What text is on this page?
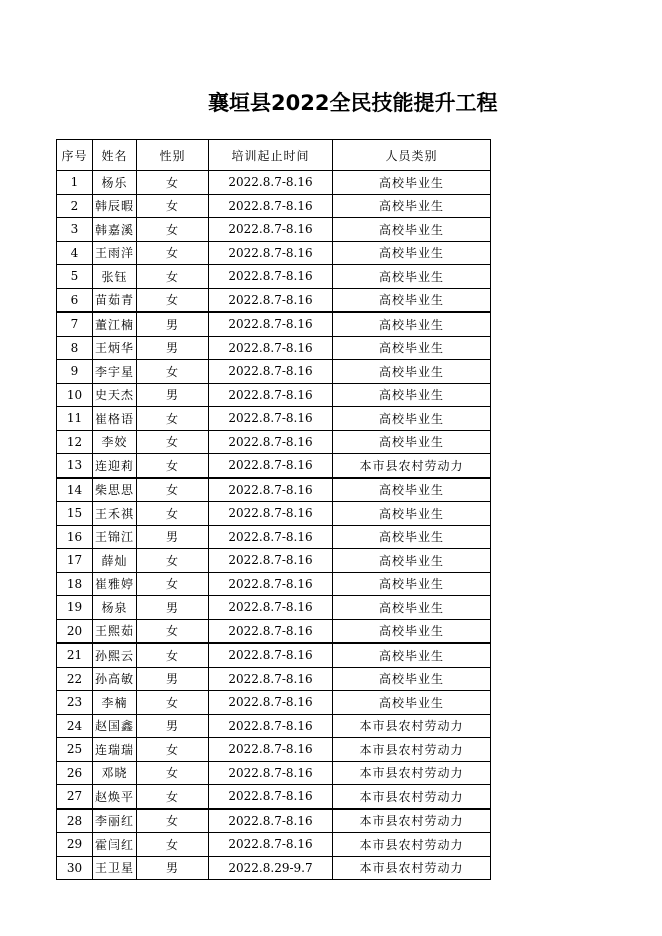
襄垣县2022全民技能提升工程
序号	姓名	性别	培训起止时间	人员类别
1	杨乐	女	2022.8.7-8.16	高校毕业生
2	韩辰暇	女	2022.8.7-8.16	高校毕业生
3	韩嘉溪	女	2022.8.7-8.16	高校毕业生
4	王雨洋	女	2022.8.7-8.16	高校毕业生
5	张钰	女	2022.8.7-8.16	高校毕业生
6	苗茹青	女	2022.8.7-8.16	高校毕业生
7	董江楠	男	2022.8.7-8.16	高校毕业生
8	王炳华	男	2022.8.7-8.16	高校毕业生
9	李宇星	女	2022.8.7-8.16	高校毕业生
10	史天杰	男	2022.8.7-8.16	高校毕业生
11	崔格语	女	2022.8.7-8.16	高校毕业生
12	李姣	女	2022.8.7-8.16	高校毕业生
13	连迎莉	女	2022.8.7-8.16	本市县农村劳动力
14	柴思思	女	2022.8.7-8.16	高校毕业生
15	王禾祺	女	2022.8.7-8.16	高校毕业生
16	王锦江	男	2022.8.7-8.16	高校毕业生
17	薛灿	女	2022.8.7-8.16	高校毕业生
18	崔雅婷	女	2022.8.7-8.16	高校毕业生
19	杨泉	男	2022.8.7-8.16	高校毕业生
20	王熙茹	女	2022.8.7-8.16	高校毕业生
21	孙熙云	女	2022.8.7-8.16	高校毕业生
22	孙高敏	男	2022.8.7-8.16	高校毕业生
23	李楠	女	2022.8.7-8.16	高校毕业生
24	赵国鑫	男	2022.8.7-8.16	本市县农村劳动力
25	连瑞瑞	女	2022.8.7-8.16	本市县农村劳动力
26	邓晓	女	2022.8.7-8.16	本市县农村劳动力
27	赵焕平	女	2022.8.7-8.16	本市县农村劳动力
28	李丽红	女	2022.8.7-8.16	本市县农村劳动力
29	霍闫红	女	2022.8.7-8.16	本市县农村劳动力
30	王卫星	男	2022.8.29-9.7	本市县农村劳动力
